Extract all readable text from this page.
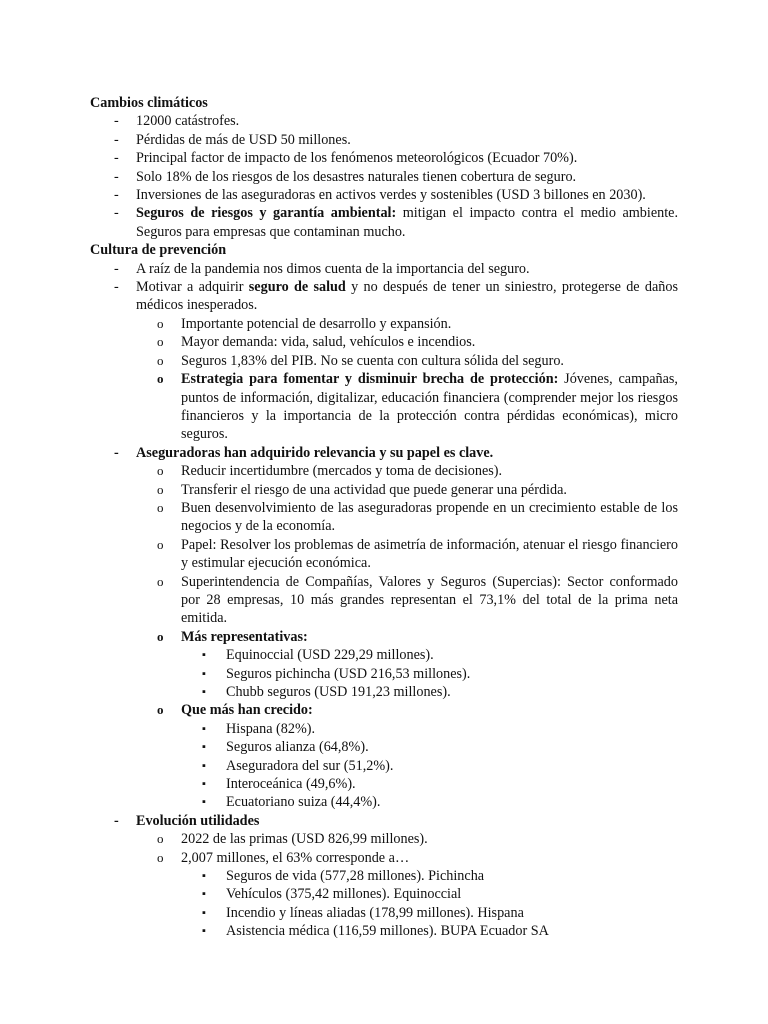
Cambios climáticos
- 12000 catástrofes.
- Pérdidas de más de USD 50 millones.
- Principal factor de impacto de los fenómenos meteorológicos (Ecuador 70%).
- Solo 18% de los riesgos de los desastres naturales tienen cobertura de seguro.
- Inversiones de las aseguradoras en activos verdes y sostenibles (USD 3 billones en 2030).
- Seguros de riesgos y garantía ambiental: mitigan el impacto contra el medio ambiente. Seguros para empresas que contaminan mucho.
Cultura de prevención
- A raíz de la pandemia nos dimos cuenta de la importancia del seguro.
- Motivar a adquirir seguro de salud y no después de tener un siniestro, protegerse de daños médicos inesperados.
o Importante potencial de desarrollo y expansión.
o Mayor demanda: vida, salud, vehículos e incendios.
o Seguros 1,83% del PIB. No se cuenta con cultura sólida del seguro.
o Estrategia para fomentar y disminuir brecha de protección: Jóvenes, campañas, puntos de información, digitalizar, educación financiera (comprender mejor los riesgos financieros y la importancia de la protección contra pérdidas económicas), micro seguros.
- Aseguradoras han adquirido relevancia y su papel es clave.
o Reducir incertidumbre (mercados y toma de decisiones).
o Transferir el riesgo de una actividad que puede generar una pérdida.
o Buen desenvolvimiento de las aseguradoras propende en un crecimiento estable de los negocios y de la economía.
o Papel: Resolver los problemas de asimetría de información, atenuar el riesgo financiero y estimular ejecución económica.
o Superintendencia de Compañías, Valores y Seguros (Supercias): Sector conformado por 28 empresas, 10 más grandes representan el 73,1% del total de la prima neta emitida.
o Más representativas:
▪ Equinoccial (USD 229,29 millones).
▪ Seguros pichincha (USD 216,53 millones).
▪ Chubb seguros (USD 191,23 millones).
o Que más han crecido:
▪ Hispana (82%).
▪ Seguros alianza (64,8%).
▪ Aseguradora del sur (51,2%).
▪ Interoceánica (49,6%).
▪ Ecuatoriano suiza (44,4%).
- Evolución utilidades
o 2022 de las primas (USD 826,99 millones).
o 2,007 millones, el 63% corresponde a…
▪ Seguros de vida (577,28 millones). Pichincha
▪ Vehículos (375,42 millones). Equinoccial
▪ Incendio y líneas aliadas (178,99 millones). Hispana
▪ Asistencia médica (116,59 millones). BUPA Ecuador SA
